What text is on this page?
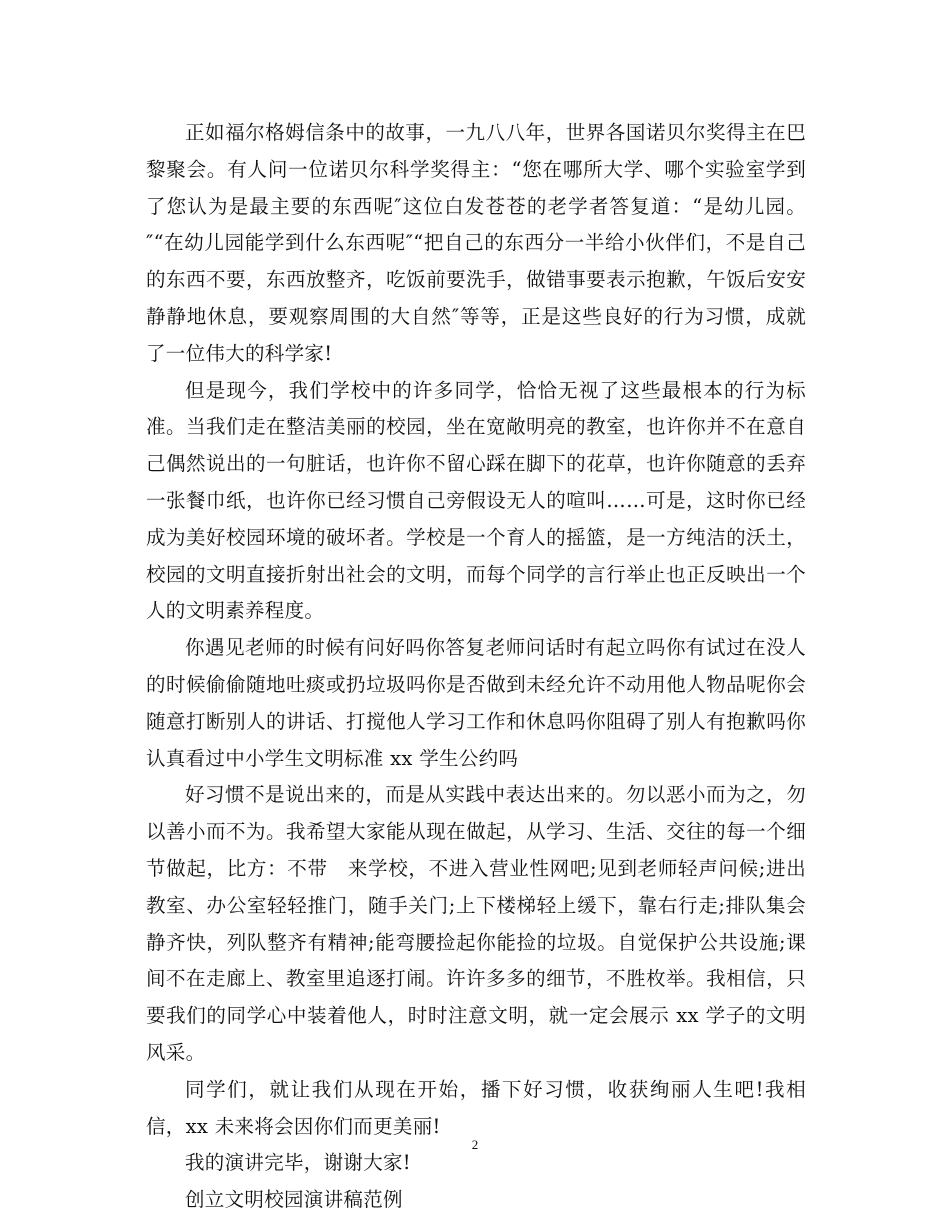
正如福尔格姆信条中的故事，一九八八年，世界各国诺贝尔奖得主在巴黎聚会。有人问一位诺贝尔科学奖得主：“您在哪所大学、哪个实验室学到了您认为是最主要的东西呢″这位白发苍苍的老学者答复道：“是幼儿园。″“在幼儿园能学到什么东西呢″“把自己的东西分一半给小伙伴们，不是自己的东西不要，东西放整齐，吃饭前要洗手，做错事要表示抱歉，午饭后安安静静地休息，要观察周围的大自然″等等，正是这些良好的行为习惯，成就了一位伟大的科学家!

但是现今，我们学校中的许多同学，恰恰无视了这些最根本的行为标准。当我们走在整洁美丽的校园，坐在宽敞明亮的教室，也许你并不在意自己偶然说出的一句脏话，也许你不留心踩在脚下的花草，也许你随意的丢弃一张餐巾纸，也许你已经习惯自己旁假设无人的喧叫……可是，这时你已经成为美好校园环境的破坏者。学校是一个育人的摇篮，是一方纯洁的沃土，校园的文明直接折射出社会的文明，而每个同学的言行举止也正反映出一个人的文明素养程度。

你遇见老师的时候有问好吗你答复老师问话时有起立吗你有试过在没人的时候偷偷随地吐痰或扔垃圾吗你是否做到未经允许不动用他人物品呢你会随意打断别人的讲话、打搅他人学习工作和休息吗你阻碍了别人有抱歉吗你认真看过中小学生文明标准 xx 学生公约吗

好习惯不是说出来的，而是从实践中表达出来的。勿以恶小而为之，勿以善小而不为。我希望大家能从现在做起，从学习、生活、交往的每一个细节做起，比方：不带　来学校，不进入营业性网吧;见到老师轻声问候;进出教室、办公室轻轻推门，随手关门;上下楼梯轻上缓下，靠右行走;排队集会静齐快，列队整齐有精神;能弯腰捡起你能捡的垃圾。自觉保护公共设施;课间不在走廊上、教室里追逐打闹。许许多多的细节，不胜枚举。我相信，只要我们的同学心中装着他人，时时注意文明，就一定会展示 xx 学子的文明风采。

同学们，就让我们从现在开始，播下好习惯，收获绚丽人生吧!我相信，xx 未来将会因你们而更美丽!

我的演讲完毕，谢谢大家!

创立文明校园演讲稿范例

2
